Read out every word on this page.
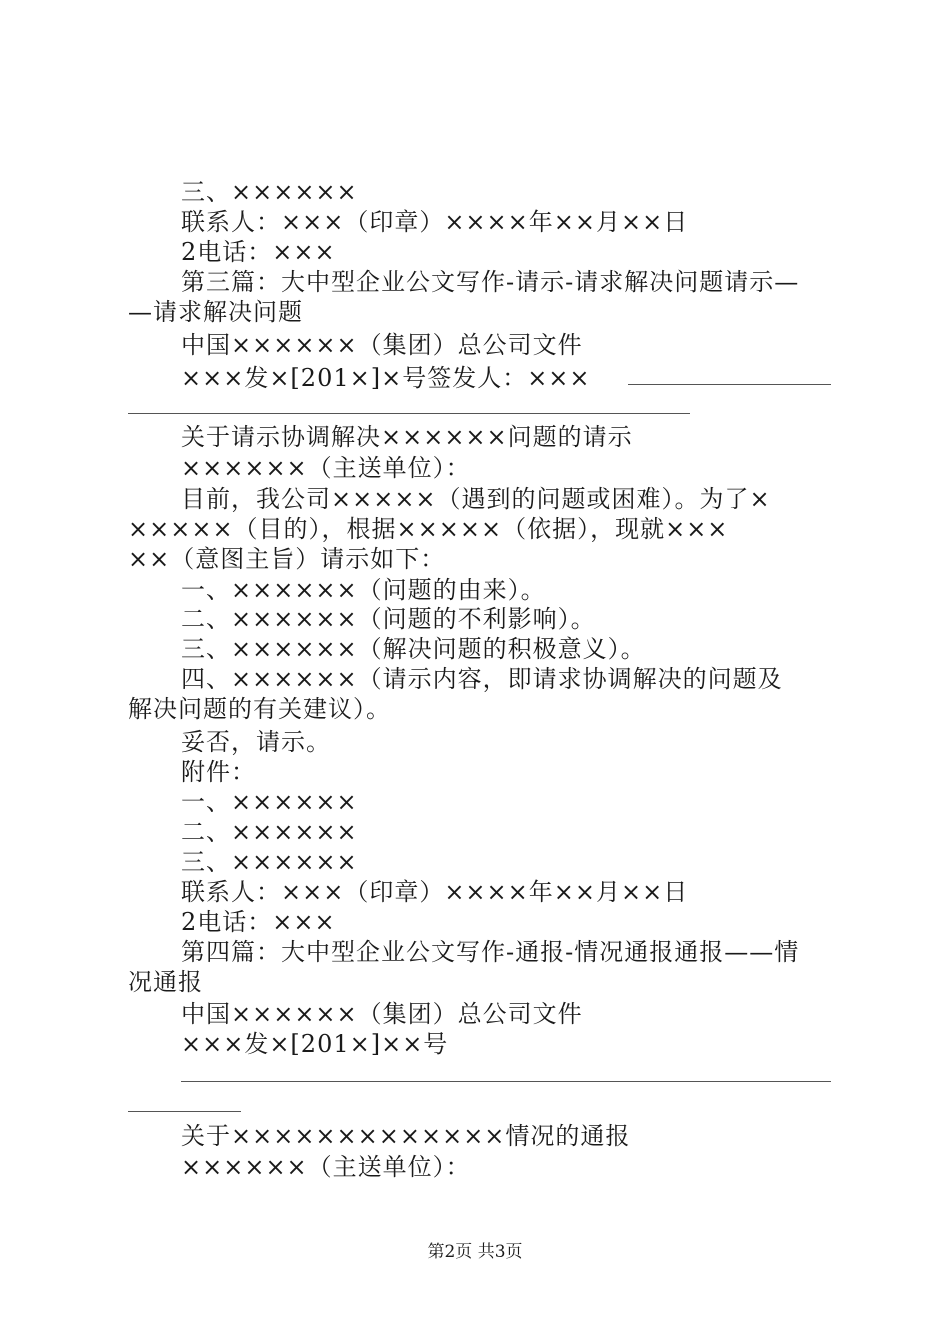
三、××××××
联系人：×××（印章）××××年××月××日
2电话：×××
第三篇：大中型企业公文写作-请示-请求解决问题请示—
—请求解决问题
中国××××××（集团）总公司文件
×××发×[201×]×号签发人：×××
关于请示协调解决××××××问题的请示
××××××（主送单位）：
目前，我公司×××××（遇到的问题或困难）。为了×
×××××（目的），根据×××××（依据），现就×××
××（意图主旨）请示如下：
一、××××××（问题的由来）。
二、××××××（问题的不利影响）。
三、××××××（解决问题的积极意义）。
四、××××××（请示内容，即请求协调解决的问题及
解决问题的有关建议）。
妥否，请示。
附件：
一、××××××
二、××××××
三、××××××
联系人：×××（印章）××××年××月××日
2电话：×××
第四篇：大中型企业公文写作-通报-情况通报通报——情
况通报
中国××××××（集团）总公司文件
×××发×[201×]××号
关于×××××××××××××情况的通报
××××××（主送单位）：
第2页 共3页
